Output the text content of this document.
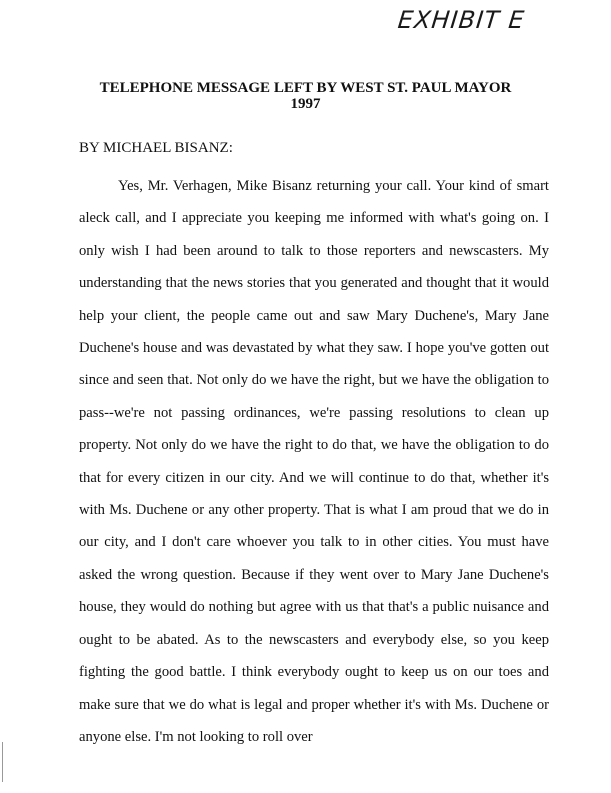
EXHIBIT E
TELEPHONE MESSAGE LEFT BY WEST ST. PAUL MAYOR
1997
BY MICHAEL BISANZ:
Yes, Mr. Verhagen, Mike Bisanz returning your call. Your kind of smart aleck call, and I appreciate you keeping me informed with what's going on. I only wish I had been around to talk to those reporters and newscasters. My understanding that the news stories that you generated and thought that it would help your client, the people came out and saw Mary Duchene's, Mary Jane Duchene's house and was devastated by what they saw. I hope you've gotten out since and seen that. Not only do we have the right, but we have the obligation to pass--we're not passing ordinances, we're passing resolutions to clean up property. Not only do we have the right to do that, we have the obligation to do that for every citizen in our city. And we will continue to do that, whether it's with Ms. Duchene or any other property. That is what I am proud that we do in our city, and I don't care whoever you talk to in other cities. You must have asked the wrong question. Because if they went over to Mary Jane Duchene's house, they would do nothing but agree with us that that's a public nuisance and ought to be abated. As to the newscasters and everybody else, so you keep fighting the good battle. I think everybody ought to keep us on our toes and make sure that we do what is legal and proper whether it's with Ms. Duchene or anyone else. I'm not looking to roll over
